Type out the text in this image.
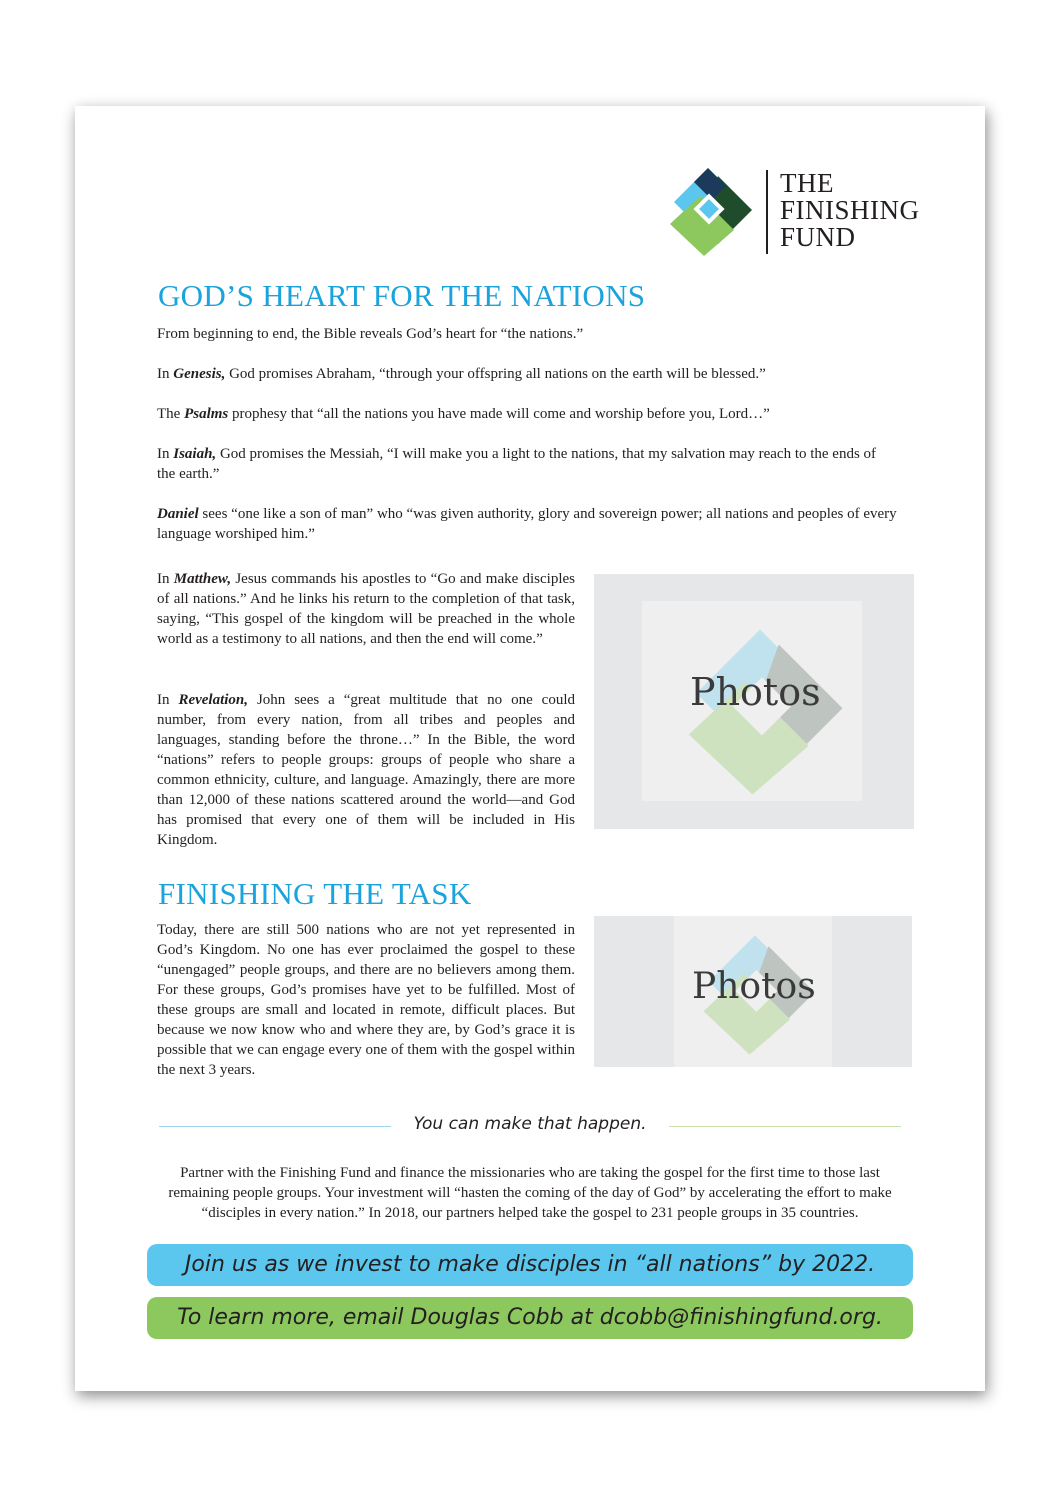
THE
FINISHING
FUND
GOD’S HEART FOR THE NATIONS

From beginning to end, the Bible reveals God’s heart for “the nations.”

In Genesis, God promises Abraham, “through your offspring all nations on the earth will be blessed.”

The Psalms prophesy that “all the nations you have made will come and worship before you, Lord…”

In Isaiah, God promises the Messiah, “I will make you a light to the nations, that my salvation may reach to the ends of the earth.”

Daniel sees “one like a son of man” who “was given authority, glory and sovereign power; all nations and peoples of every language worshiped him.”

In Matthew, Jesus commands his apostles to “Go and make disciples of all nations.” And he links his return to the completion of that task, saying, “This gospel of the kingdom will be preached in the whole world as a testimony to all nations, and then the end will come.”

In Revelation, John sees a “great multitude that no one could number, from every nation, from all tribes and peoples and languages, standing before the throne…” In the Bible, the word “nations” refers to people groups: groups of people who share a common ethnicity, culture, and language. Amazingly, there are more than 12,000 of these nations scattered around the world—and God has promised that every one of them will be included in His Kingdom.

Photos
FINISHING THE TASK

Today, there are still 500 nations who are not yet represented in God’s Kingdom. No one has ever proclaimed the gospel to these “unengaged” people groups, and there are no believers among them. For these groups, God’s promises have yet to be fulfilled. Most of these groups are small and located in remote, difficult places. But because we now know who and where they are, by God’s grace it is possible that we can engage every one of them with the gospel within the next 3 years.

Photos
You can make that happen.

Partner with the Finishing Fund and finance the missionaries who are taking the gospel for the first time to those last remaining people groups. Your investment will “hasten the coming of the day of God” by accelerating the effort to make “disciples in every nation.” In 2018, our partners helped take the gospel to 231 people groups in 35 countries.

Join us as we invest to make disciples in “all nations” by 2022.
To learn more, email Douglas Cobb at dcobb@finishingfund.org.
